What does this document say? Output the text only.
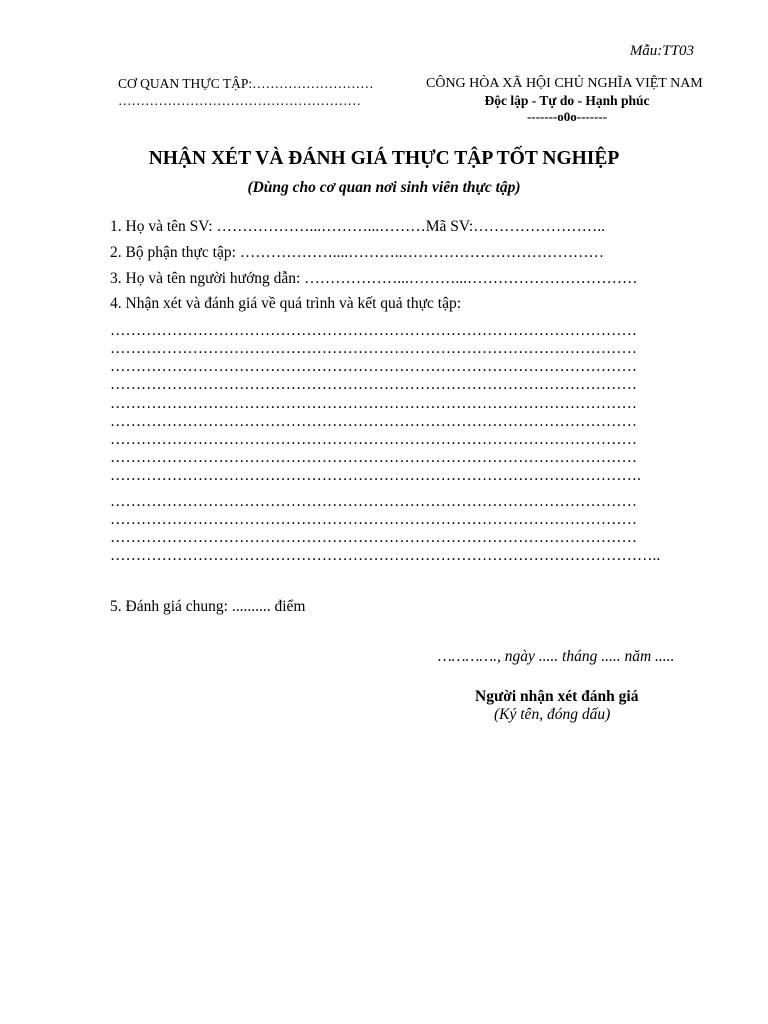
Mẫu:TT03
CƠ QUAN THỰC TẬP:………………………
………………………………………………
CÔNG HÒA XÃ HỘI CHỦ NGHĨA VIỆT NAM
Độc lập - Tự do - Hạnh phúc
-------o0o-------
NHẬN XÉT VÀ ĐÁNH GIÁ THỰC TẬP TỐT NGHIỆP
(Dùng cho cơ quan nơi sinh viên thực tập)
1. Họ và tên SV: ………………...………...………Mã SV:……………………..
2. Bộ phận thực tập: ………………....………..…………………………………
3. Họ và tên người hướng dẫn: ………………...………...……………………………
4. Nhận xét và đánh giá về quá trình và kết quả thực tập:
…………………………………………………………………………………………
…………………………………………………………………………………………
…………………………………………………………………………………………
…………………………………………………………………………………………
…………………………………………………………………………………………
…………………………………………………………………………………………
…………………………………………………………………………………………
…………………………………………………………………………………………
………………………………………………………………………………………….
…………………………………………………………………………………………
…………………………………………………………………………………………
…………………………………………………………………………………………
……………………………………………………………………………………………..
5. Đánh giá chung: .......... điểm
…………., ngày ..... tháng ..... năm .....
Người nhận xét đánh giá
(Ký tên, đóng dấu)
